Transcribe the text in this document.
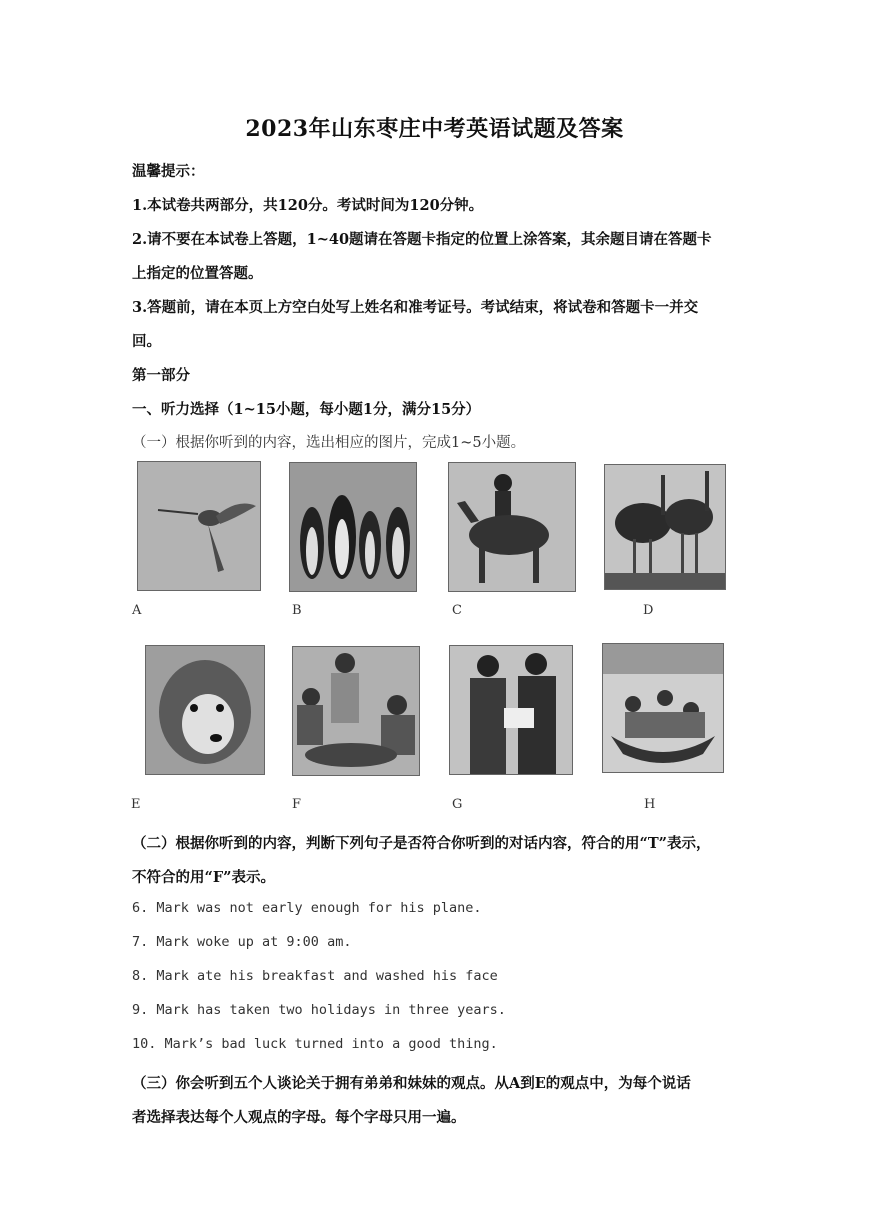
2023年山东枣庄中考英语试题及答案
温馨提示：
1.本试卷共两部分，共120分。考试时间为120分钟。
2.请不要在本试卷上答题，1~40题请在答题卡指定的位置上涂答案，其余题目请在答题卡
上指定的位置答题。
3.答题前，请在本页上方空白处写上姓名和准考证号。考试结束，将试卷和答题卡一并交
回。
第一部分
一、听力选择（1~15小题，每小题1分，满分15分）
（一）根据你听到的内容，选出相应的图片，完成1~5小题。
A	B	C	D
E	F	G	H
（二）根据你听到的内容，判断下列句子是否符合你听到的对话内容，符合的用“T”表示，
不符合的用“F”表示。
6. Mark was not early enough for his plane.
7. Mark woke up at 9:00 am.
8. Mark ate his breakfast and washed his face
9. Mark has taken two holidays in three years.
10. Mark’s bad luck turned into a good thing.
（三）你会听到五个人谈论关于拥有弟弟和妹妹的观点。从A到E的观点中，为每个说话
者选择表达每个人观点的字母。每个字母只用一遍。
